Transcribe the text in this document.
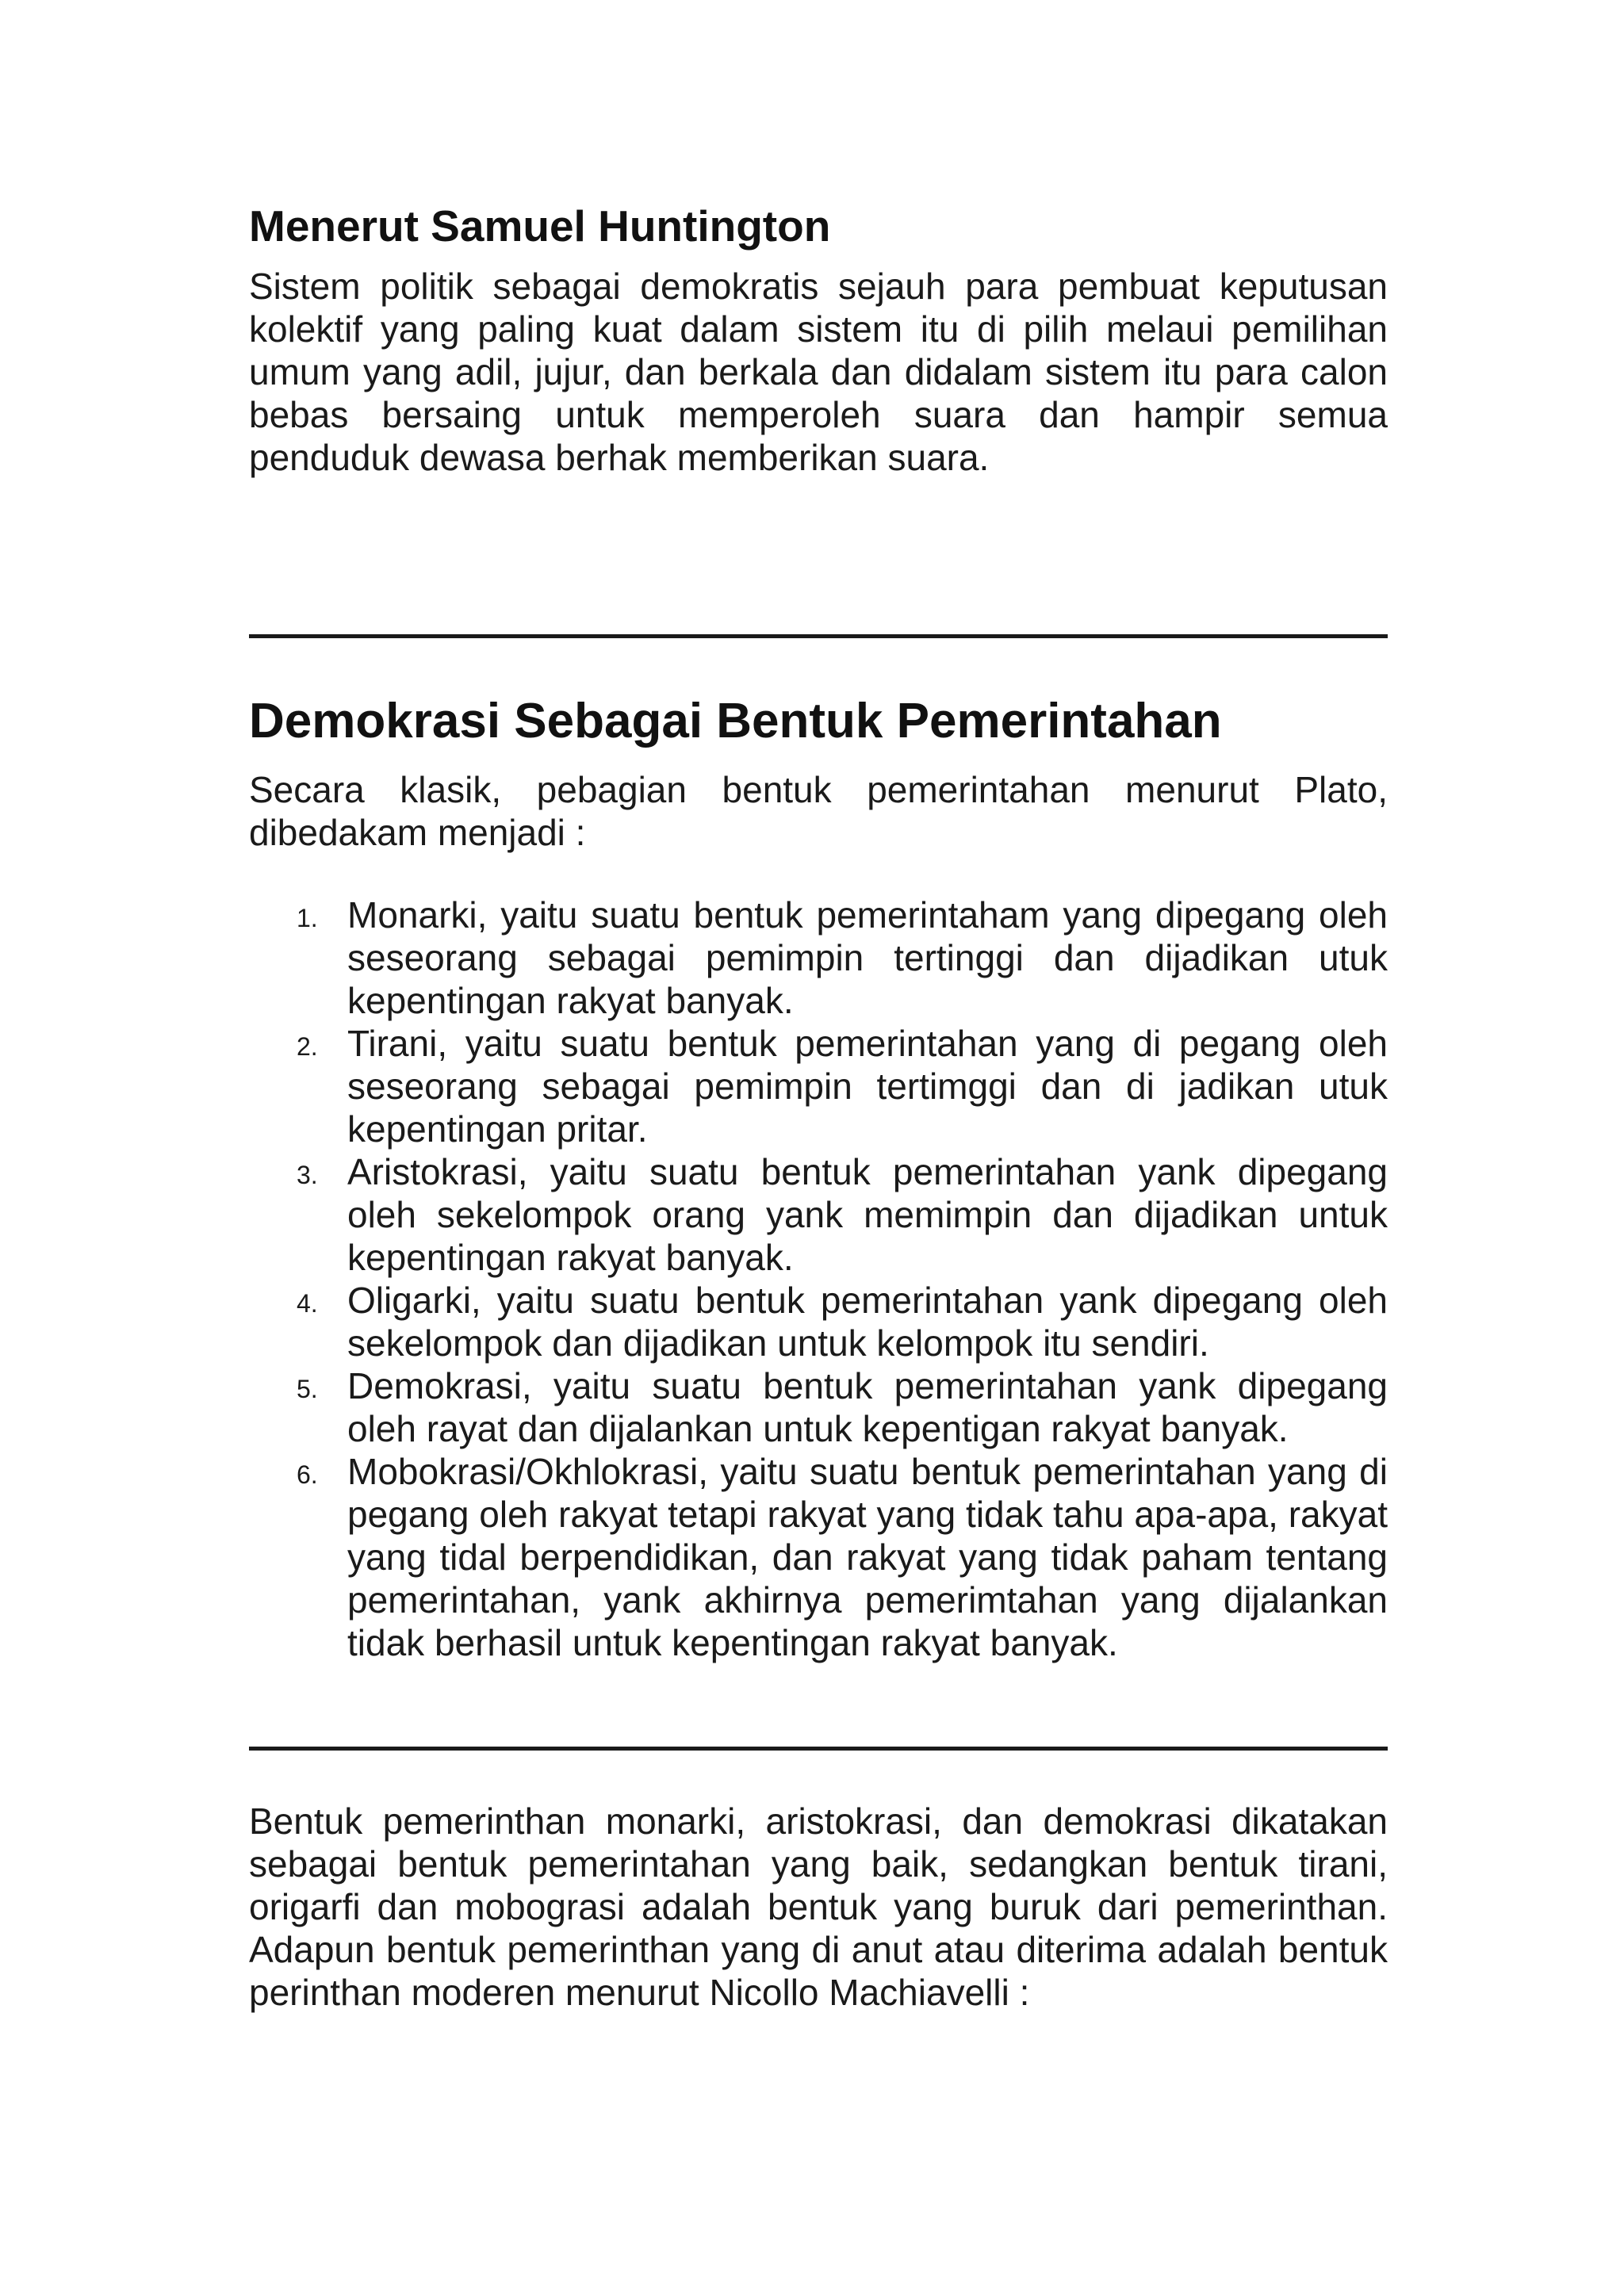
Menerut Samuel Huntington

Sistem politik sebagai demokratis sejauh para pembuat keputusan kolektif yang paling kuat dalam sistem itu di pilih melaui pemilihan umum yang adil, jujur, dan berkala dan didalam sistem itu para calon bebas bersaing untuk memperoleh suara dan hampir semua penduduk dewasa berhak memberikan suara.

Demokrasi Sebagai Bentuk Pemerintahan

Secara klasik, pebagian bentuk pemerintahan menurut Plato, dibedakam menjadi :

1. Monarki, yaitu suatu bentuk pemerintaham yang dipegang oleh seseorang sebagai pemimpin tertinggi dan dijadikan utuk kepentingan rakyat banyak.
2. Tirani, yaitu suatu bentuk pemerintahan yang di pegang oleh seseorang sebagai pemimpin tertimggi dan di jadikan utuk kepentingan pritar.
3. Aristokrasi, yaitu suatu bentuk pemerintahan yank dipegang oleh sekelompok orang yank memimpin dan dijadikan untuk kepentingan rakyat banyak.
4. Oligarki, yaitu suatu bentuk pemerintahan yank dipegang oleh sekelompok dan dijadikan untuk kelompok itu sendiri.
5. Demokrasi, yaitu suatu bentuk pemerintahan yank dipegang oleh rayat dan dijalankan untuk kepentigan rakyat banyak.
6. Mobokrasi/Okhlokrasi, yaitu suatu bentuk pemerintahan yang di pegang oleh rakyat tetapi rakyat yang tidak tahu apa-apa, rakyat yang tidal berpendidikan, dan rakyat yang tidak paham tentang pemerintahan, yank akhirnya pemerimtahan yang dijalankan tidak berhasil untuk kepentingan rakyat banyak.

Bentuk pemerinthan monarki, aristokrasi, dan demokrasi dikatakan sebagai bentuk pemerintahan yang baik, sedangkan bentuk tirani, origarfi dan mobograsi adalah bentuk yang buruk dari pemerinthan. Adapun bentuk pemerinthan yang di anut atau diterima adalah bentuk perinthan moderen menurut Nicollo Machiavelli :
